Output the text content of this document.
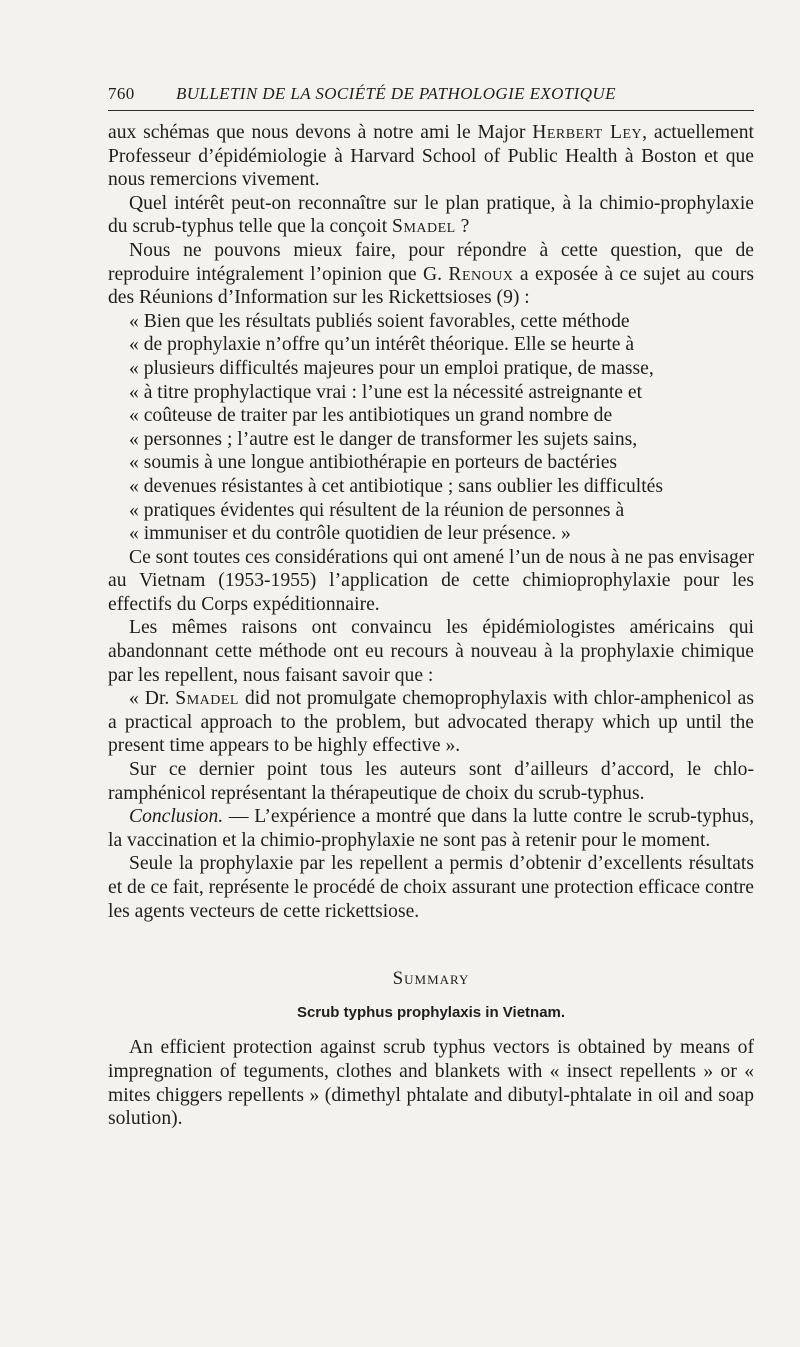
760 BULLETIN DE LA SOCIÉTÉ DE PATHOLOGIE EXOTIQUE

aux schémas que nous devons à notre ami le Major Herbert Ley, actuellement Professeur d’épidémiologie à Harvard School of Public Health à Boston et que nous remercions vivement.

Quel intérêt peut-on reconnaître sur le plan pratique, à la chimio-prophylaxie du scrub-typhus telle que la conçoit Smadel ?

Nous ne pouvons mieux faire, pour répondre à cette question, que de reproduire intégralement l’opinion que G. Renoux a exposée à ce sujet au cours des Réunions d’Information sur les Rickettsioses (9) :

« Bien que les résultats publiés soient favorables, cette méthode

« de prophylaxie n’offre qu’un intérêt théorique. Elle se heurte à

« plusieurs difficultés majeures pour un emploi pratique, de masse,

« à titre prophylactique vrai : l’une est la nécessité astreignante et

« coûteuse de traiter par les antibiotiques un grand nombre de

« personnes ; l’autre est le danger de transformer les sujets sains,

« soumis à une longue antibiothérapie en porteurs de bactéries

« devenues résistantes à cet antibiotique ; sans oublier les difficultés

« pratiques évidentes qui résultent de la réunion de personnes à

« immuniser et du contrôle quotidien de leur présence. »

Ce sont toutes ces considérations qui ont amené l’un de nous à ne pas envisager au Vietnam (1953-1955) l’application de cette chimioprophylaxie pour les effectifs du Corps expéditionnaire.

Les mêmes raisons ont convaincu les épidémiologistes américains qui abandonnant cette méthode ont eu recours à nouveau à la prophylaxie chimique par les repellent, nous faisant savoir que :

« Dr. Smadel did not promulgate chemoprophylaxis with chlor-amphenicol as a practical approach to the problem, but advocated therapy which up until the present time appears to be highly effective ».

Sur ce dernier point tous les auteurs sont d’ailleurs d’accord, le chlo-ramphénicol représentant la thérapeutique de choix du scrub-typhus.

Conclusion. — L’expérience a montré que dans la lutte contre le scrub-typhus, la vaccination et la chimio-prophylaxie ne sont pas à retenir pour le moment.

Seule la prophylaxie par les repellent a permis d’obtenir d’excellents résultats et de ce fait, représente le procédé de choix assurant une protection efficace contre les agents vecteurs de cette rickettsiose.

Summary
Scrub typhus prophylaxis in Vietnam.

An efficient protection against scrub typhus vectors is obtained by means of impregnation of teguments, clothes and blankets with « insect repellents » or « mites chiggers repellents » (dimethyl phtalate and dibutyl-phtalate in oil and soap solution).
